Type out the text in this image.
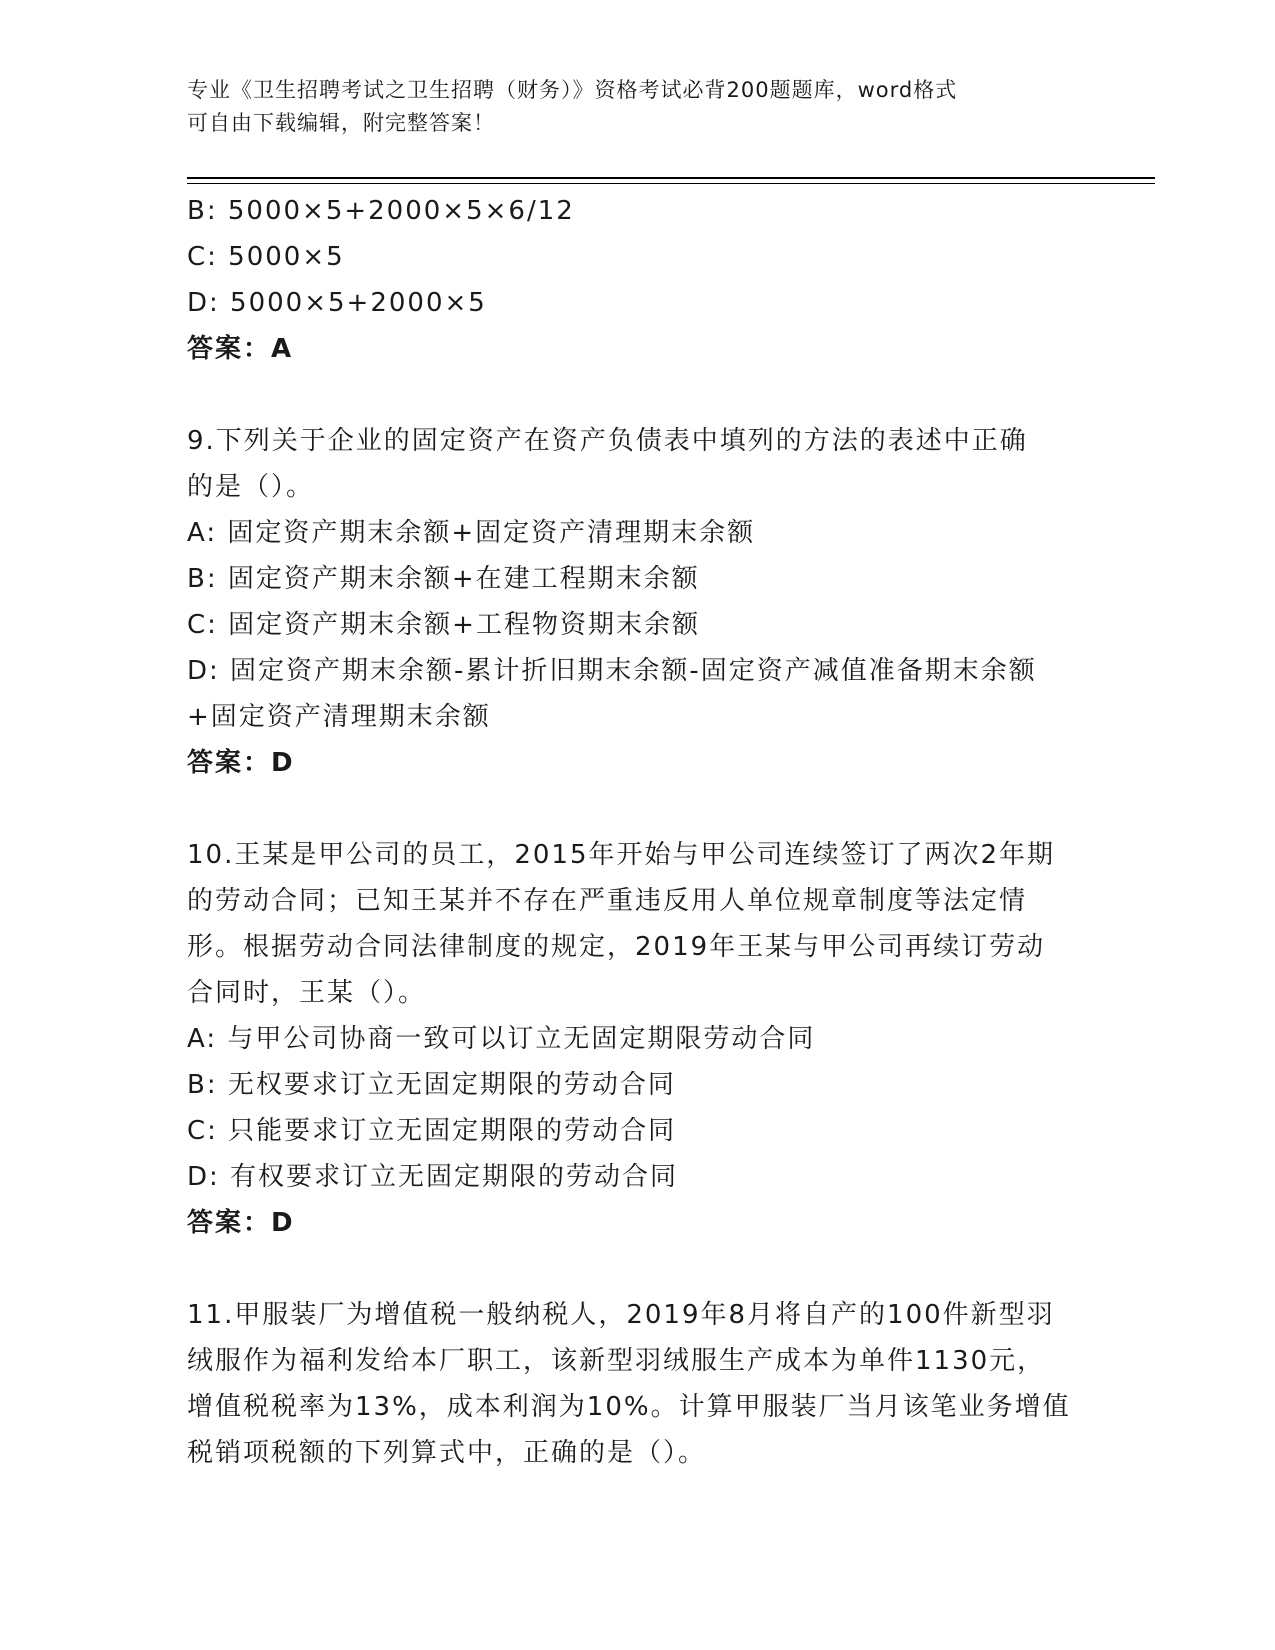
专业《卫生招聘考试之卫生招聘（财务）》资格考试必背200题题库，word格式
可自由下载编辑，附完整答案！

B: 5000×5+2000×5×6/12

C: 5000×5

D: 5000×5+2000×5

答案：A

9.下列关于企业的固定资产在资产负债表中填列的方法的表述中正确

的是（）。

A: 固定资产期末余额+固定资产清理期末余额

B: 固定资产期末余额+在建工程期末余额

C: 固定资产期末余额+工程物资期末余额

D: 固定资产期末余额-累计折旧期末余额-固定资产减值准备期末余额

+固定资产清理期末余额

答案：D

10.王某是甲公司的员工，2015年开始与甲公司连续签订了两次2年期

的劳动合同；已知王某并不存在严重违反用人单位规章制度等法定情

形。根据劳动合同法律制度的规定，2019年王某与甲公司再续订劳动

合同时，王某（）。

A: 与甲公司协商一致可以订立无固定期限劳动合同

B: 无权要求订立无固定期限的劳动合同

C: 只能要求订立无固定期限的劳动合同

D: 有权要求订立无固定期限的劳动合同

答案：D

11.甲服装厂为增值税一般纳税人，2019年8月将自产的100件新型羽

绒服作为福利发给本厂职工，该新型羽绒服生产成本为单件1130元，

增值税税率为13%，成本利润为10%。计算甲服装厂当月该笔业务增值

税销项税额的下列算式中，正确的是（）。
